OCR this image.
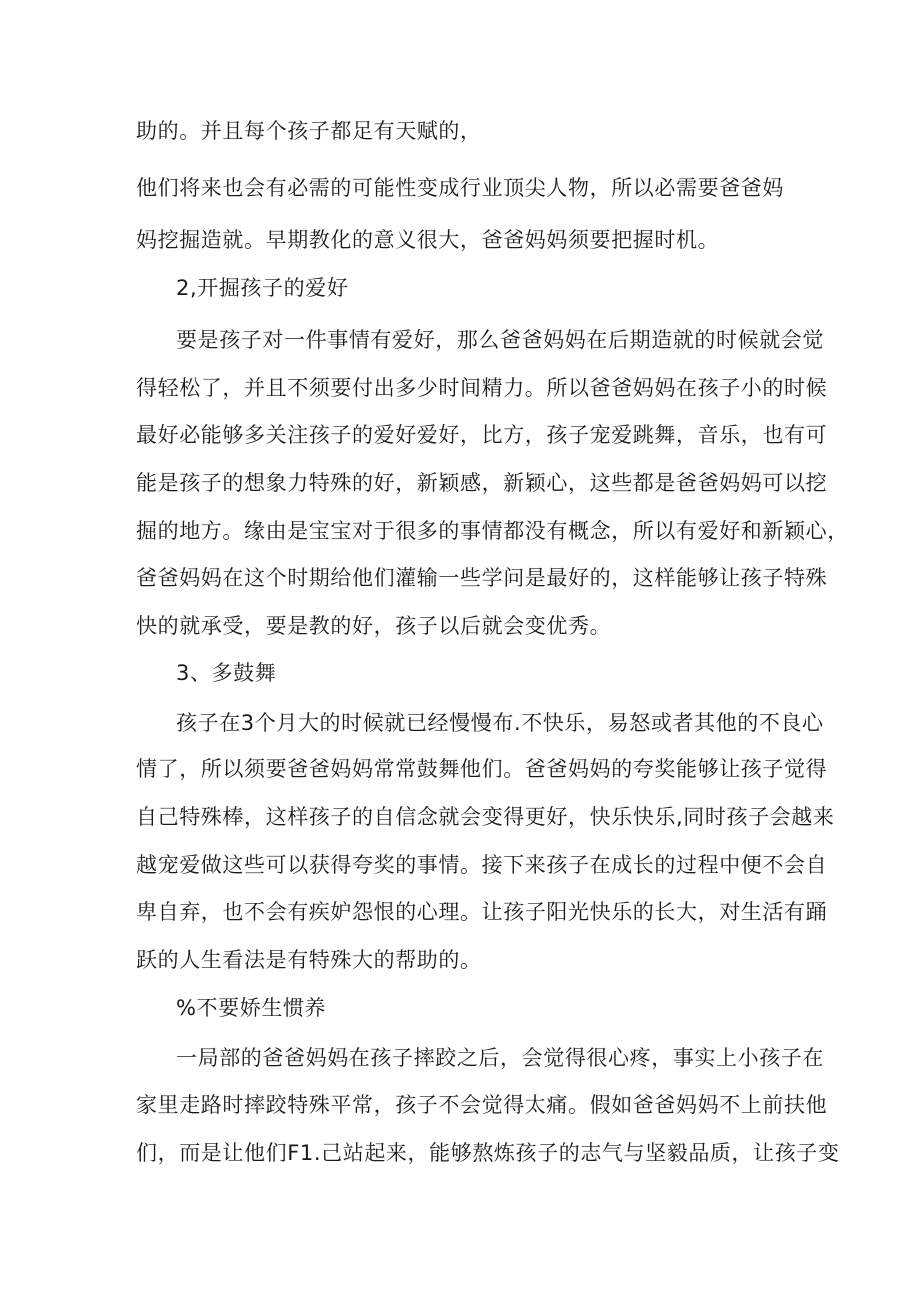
助的。并且每个孩子都足有天赋的，
他们将来也会有必需的可能性变成行业顶尖人物，所以必需要爸爸妈
妈挖掘造就。早期教化的意义很大，爸爸妈妈须要把握时机。
2,开掘孩子的爱好
要是孩子对一件事情有爱好，那么爸爸妈妈在后期造就的时候就会觉
得轻松了，并且不须要付出多少时间精力。所以爸爸妈妈在孩子小的时候
最好必能够多关注孩子的爱好爱好，比方，孩子宠爱跳舞，音乐，也有可
能是孩子的想象力特殊的好，新颖感，新颖心，这些都是爸爸妈妈可以挖
掘的地方。缘由是宝宝对于很多的事情都没有概念，所以有爱好和新颖心，
爸爸妈妈在这个时期给他们灌输一些学问是最好的，这样能够让孩子特殊
快的就承受，要是教的好，孩子以后就会变优秀。
3、多鼓舞
孩子在3个月大的时候就已经慢慢布.不快乐，易怒或者其他的不良心
情了，所以须要爸爸妈妈常常鼓舞他们。爸爸妈妈的夸奖能够让孩子觉得
自己特殊棒，这样孩子的自信念就会变得更好，快乐快乐,同时孩子会越来
越宠爱做这些可以获得夸奖的事情。接下来孩子在成长的过程中便不会自
卑自弃，也不会有疾妒怨恨的心理。让孩子阳光快乐的长大，对生活有踊
跃的人生看法是有特殊大的帮助的。
%不要娇生惯养
一局部的爸爸妈妈在孩子摔跤之后，会觉得很心疼，事实上小孩子在
家里走路时摔跤特殊平常，孩子不会觉得太痛。假如爸爸妈妈不上前扶他
们，而是让他们F1.己站起来，能够熬炼孩子的志气与坚毅品质，让孩子变
